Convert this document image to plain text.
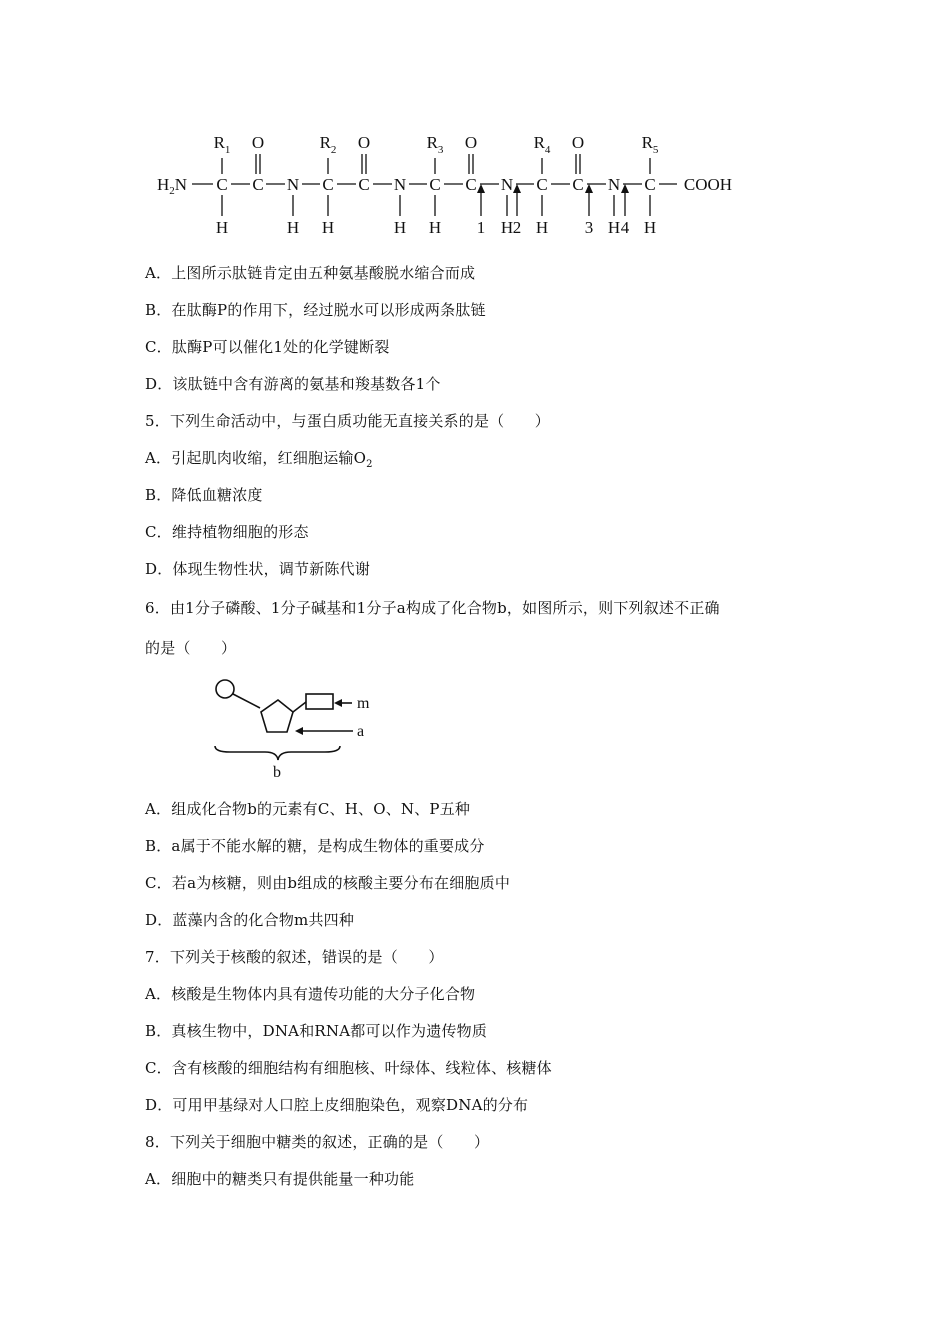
$H_2N$
$R_1$
C
H
O
C N
H
$R_2$
C
H
O
C N
H
$R_3$
C
H
O
C N
H
$R_4$
C
H
O
C N
H
$R_5$
C
H
COOH
1 2	3 4
A．上图所示肽链肯定由五种氨基酸脱水缩合而成
B．在肽酶P的作用下，经过脱水可以形成两条肽链
C．肽酶P可以催化1处的化学键断裂
D．该肽链中含有游离的氨基和羧基数各1个
5．下列生命活动中，与蛋白质功能无直接关系的是（　　）
A．引起肌肉收缩，红细胞运输$O_2$
B．降低血糖浓度
C．维持植物细胞的形态
D．体现生物性状，调节新陈代谢
6．由1分子磷酸、1分子碱基和1分子a构成了化合物b，如图所示，则下列叙述不正确
的是（　　）
m
a
b
A．组成化合物b的元素有C、H、O、N、P五种
B．a属于不能水解的糖，是构成生物体的重要成分
C．若a为核糖，则由b组成的核酸主要分布在细胞质中
D．蓝藻内含的化合物m共四种
7．下列关于核酸的叙述，错误的是（　　）
A．核酸是生物体内具有遗传功能的大分子化合物
B．真核生物中，DNA和RNA都可以作为遗传物质
C．含有核酸的细胞结构有细胞核、叶绿体、线粒体、核糖体
D．可用甲基绿对人口腔上皮细胞染色，观察DNA的分布
8．下列关于细胞中糖类的叙述，正确的是（　　）
A．细胞中的糖类只有提供能量一种功能
